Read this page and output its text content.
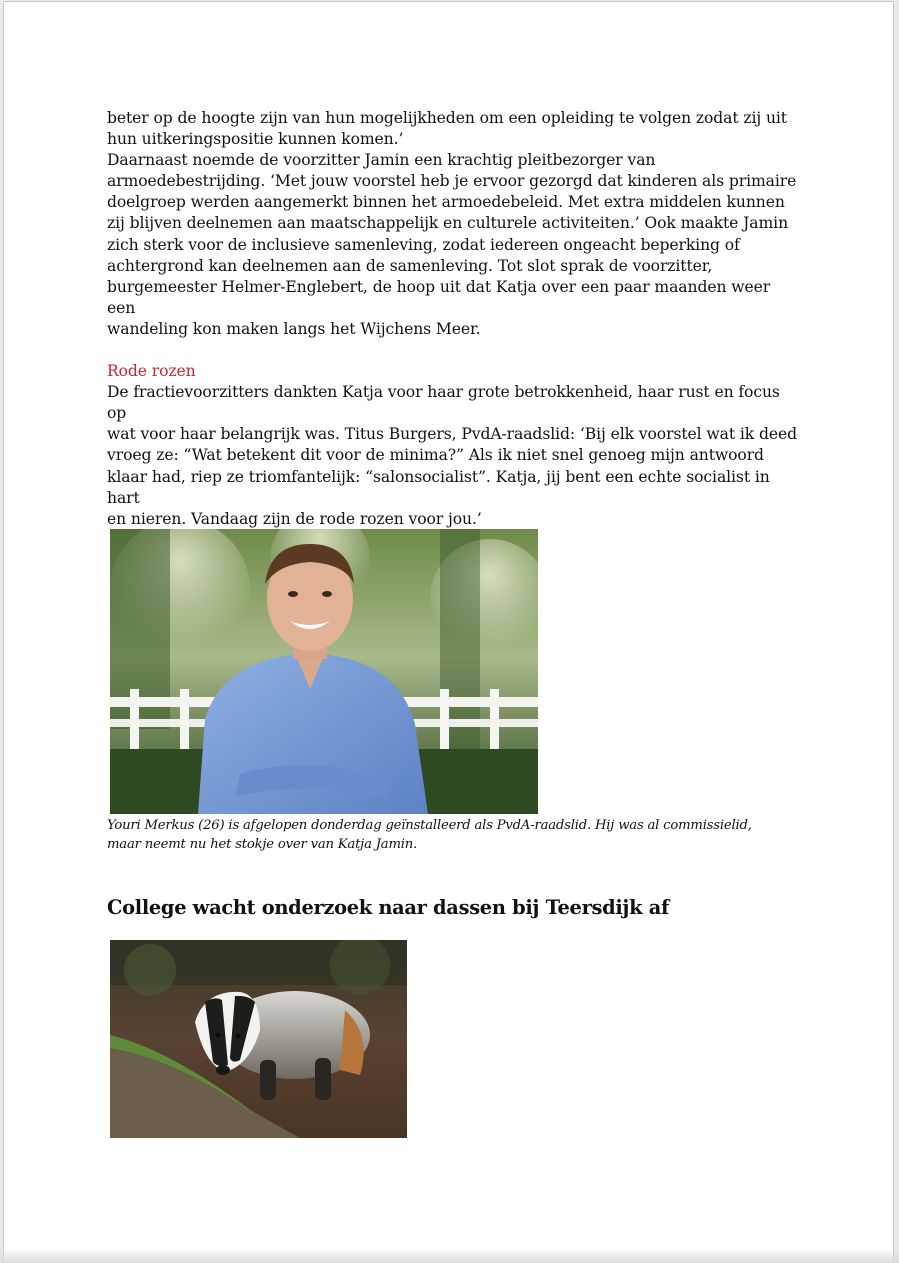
beter op de hoogte zijn van hun mogelijkheden om een opleiding te volgen zodat zij uit
hun uitkeringspositie kunnen komen.’

Daarnaast noemde de voorzitter Jamin een krachtig pleitbezorger van
armoedebestrijding. ‘Met jouw voorstel heb je ervoor gezorgd dat kinderen als primaire
doelgroep werden aangemerkt binnen het armoedebeleid. Met extra middelen kunnen
zij blijven deelnemen aan maatschappelijk en culturele activiteiten.’ Ook maakte Jamin
zich sterk voor de inclusieve samenleving, zodat iedereen ongeacht beperking of
achtergrond kan deelnemen aan de samenleving. Tot slot sprak de voorzitter,
burgemeester Helmer-Englebert, de hoop uit dat Katja over een paar maanden weer een
wandeling kon maken langs het Wijchens Meer.

Rode rozen

De fractievoorzitters dankten Katja voor haar grote betrokkenheid, haar rust en focus op
wat voor haar belangrijk was. Titus Burgers, PvdA-raadslid: ‘Bij elk voorstel wat ik deed
vroeg ze: “Wat betekent dit voor de minima?” Als ik niet snel genoeg mijn antwoord
klaar had, riep ze triomfantelijk: “salonsocialist”. Katja, jij bent een echte socialist in hart
en nieren. Vandaag zijn de rode rozen voor jou.’

Youri Merkus (26) is afgelopen donderdag geïnstalleerd als PvdA-raadslid. Hij was al commissielid,
maar neemt nu het stokje over van Katja Jamin.
College wacht onderzoek naar dassen bij Teersdijk af
